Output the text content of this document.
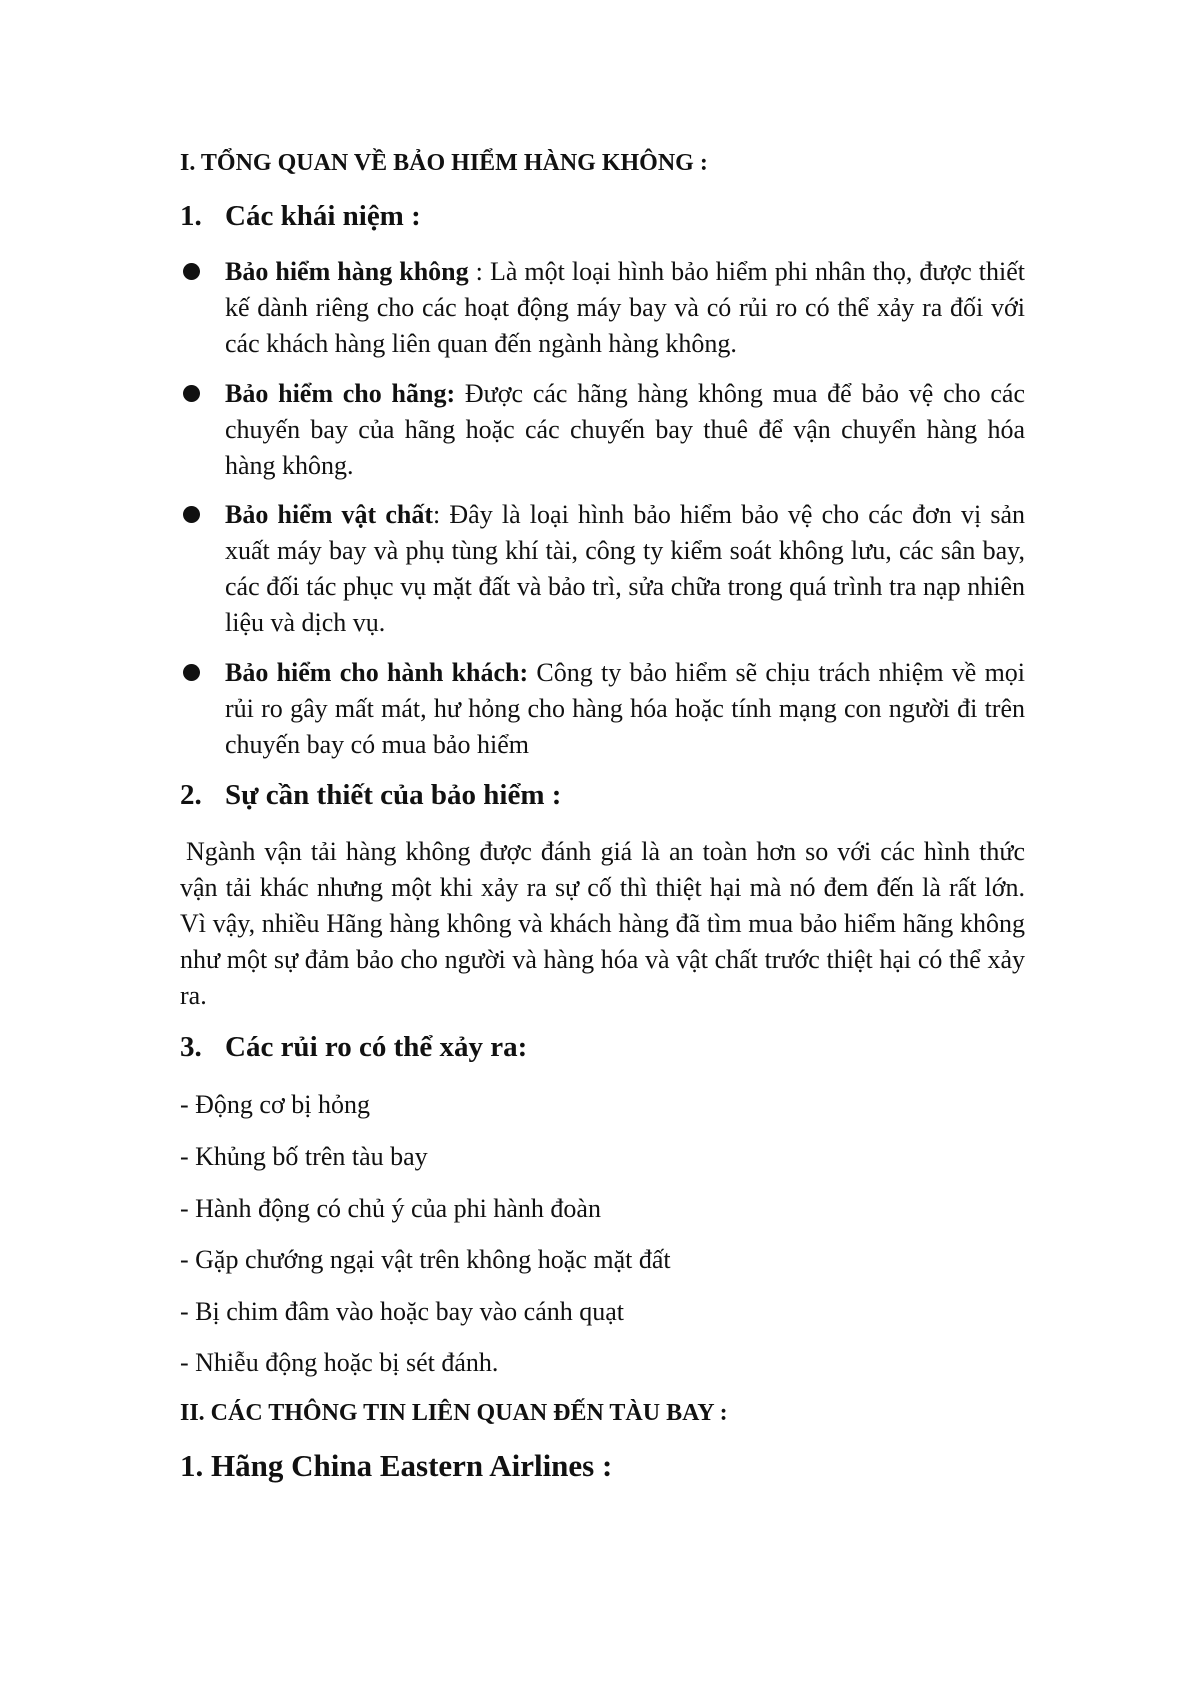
I. TỔNG QUAN VỀ BẢO HIỂM HÀNG KHÔNG :
1. Các khái niệm :
Bảo hiểm hàng không : Là một loại hình bảo hiểm phi nhân thọ, được thiết kế dành riêng cho các hoạt động máy bay và có rủi ro có thể xảy ra đối với các khách hàng liên quan đến ngành hàng không.
Bảo hiểm cho hãng: Được các hãng hàng không mua để bảo vệ cho các chuyến bay của hãng hoặc các chuyến bay thuê để vận chuyển hàng hóa hàng không.
Bảo hiểm vật chất: Đây là loại hình bảo hiểm bảo vệ cho các đơn vị sản xuất máy bay và phụ tùng khí tài, công ty kiểm soát không lưu, các sân bay, các đối tác phục vụ mặt đất và bảo trì, sửa chữa trong quá trình tra nạp nhiên liệu và dịch vụ.
Bảo hiểm cho hành khách: Công ty bảo hiểm sẽ chịu trách nhiệm về mọi rủi ro gây mất mát, hư hỏng cho hàng hóa hoặc tính mạng con người đi trên chuyến bay có mua bảo hiểm
2. Sự cần thiết của bảo hiểm :

Ngành vận tải hàng không được đánh giá là an toàn hơn so với các hình thức vận tải khác nhưng một khi xảy ra sự cố thì thiệt hại mà nó đem đến là rất lớn. Vì vậy, nhiều Hãng hàng không và khách hàng đã tìm mua bảo hiểm hãng không như một sự đảm bảo cho người và hàng hóa và vật chất trước thiệt hại có thể xảy ra.

3. Các rủi ro có thể xảy ra:

- Động cơ bị hỏng

- Khủng bố trên tàu bay

- Hành động có chủ ý của phi hành đoàn

- Gặp chướng ngại vật trên không hoặc mặt đất

- Bị chim đâm vào hoặc bay vào cánh quạt

- Nhiễu động hoặc bị sét đánh.

II. CÁC THÔNG TIN LIÊN QUAN ĐẾN TÀU BAY :
1. Hãng China Eastern Airlines :
